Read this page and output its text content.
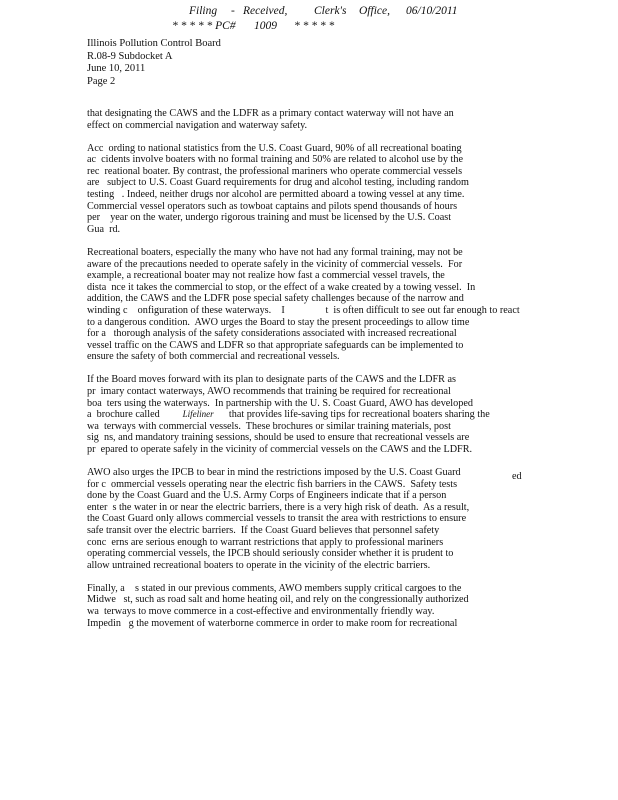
Filing - Received, Clerk's Office, 06/10/2011
* * * * * PC# 1009 * * * * *
Illinois Pollution Control Board
R.08-9 Subdocket A
June 10, 2011
Page 2
that designating the CAWS and the LDFR as a primary contact waterway will not have an
effect on commercial navigation and waterway safety.
Acc  ording to national statistics from the U.S. Coast Guard, 90% of all recreational boating
ac  cidents involve boaters with no formal training and 50% are related to alcohol use by the
rec  reational boater. By contrast, the professional mariners who operate commercial vessels
are   subject to U.S. Coast Guard requirements for drug and alcohol testing, including random
testing   . Indeed, neither drugs nor alcohol are permitted aboard a towing vessel at any time.
Commercial vessel operators such as towboat captains and pilots spend thousands of hours
per    year on the water, undergo rigorous training and must be licensed by the U.S. Coast
Gua  rd.
Recreational boaters, especially the many who have not had any formal training, may not be
aware of the precautions needed to operate safely in the vicinity of commercial vessels.  For
example, a recreational boater may not realize how fast a commercial vessel travels, the
dista  nce it takes the commercial to stop, or the effect of a wake created by a towing vessel.  In
addition, the CAWS and the LDFR pose special safety challenges because of the narrow and
winding c    onfiguration of these waterways.    I                t  is often difficult to see out far enough to react
to a dangerous condition.  AWO urges the Board to stay the present proceedings to allow time
for a   thorough analysis of the safety considerations associated with increased recreational
vessel traffic on the CAWS and LDFR so that appropriate safeguards can be implemented to
ensure the safety of both commercial and recreational vessels.
If the Board moves forward with its plan to designate parts of the CAWS and the LDFR as
pr  imary contact waterways, AWO recommends that training be required for recreational
boa  ters using the waterways.  In partnership with the U. S. Coast Guard, AWO has developed
a  brochure called         Lifeliner      that provides life-saving tips for recreational boaters sharing the
wa  terways with commercial vessels.  These brochures or similar training materials, post
sig  ns, and mandatory training sessions, should be used to ensure that recreational vessels are
pr  epared to operate safely in the vicinity of commercial vessels on the CAWS and the LDFR.
AWO also urges the IPCB to bear in mind the restrictions imposed by the U.S. Coast Guard
for c  ommercial vessels operating near the electric fish barriers in the CAWS.  Safety tests
done by the Coast Guard and the U.S. Army Corps of Engineers indicate that if a person
enter  s the water in or near the electric barriers, there is a very high risk of death.  As a result,
the Coast Guard only allows commercial vessels to transit the area with restrictions to ensure
safe transit over the electric barriers.  If the Coast Guard believes that personnel safety
conc  erns are serious enough to warrant restrictions that apply to professional mariners
operating commercial vessels, the IPCB should seriously consider whether it is prudent to
allow untrained recreational boaters to operate in the vicinity of the electric barriers.
Finally, a    s stated in our previous comments, AWO members supply critical cargoes to the
Midwe   st, such as road salt and home heating oil, and rely on the congressionally authorized
wa  terways to move commerce in a cost-effective and environmentally friendly way.
Impedin   g the movement of waterborne commerce in order to make room for recreational
ed
